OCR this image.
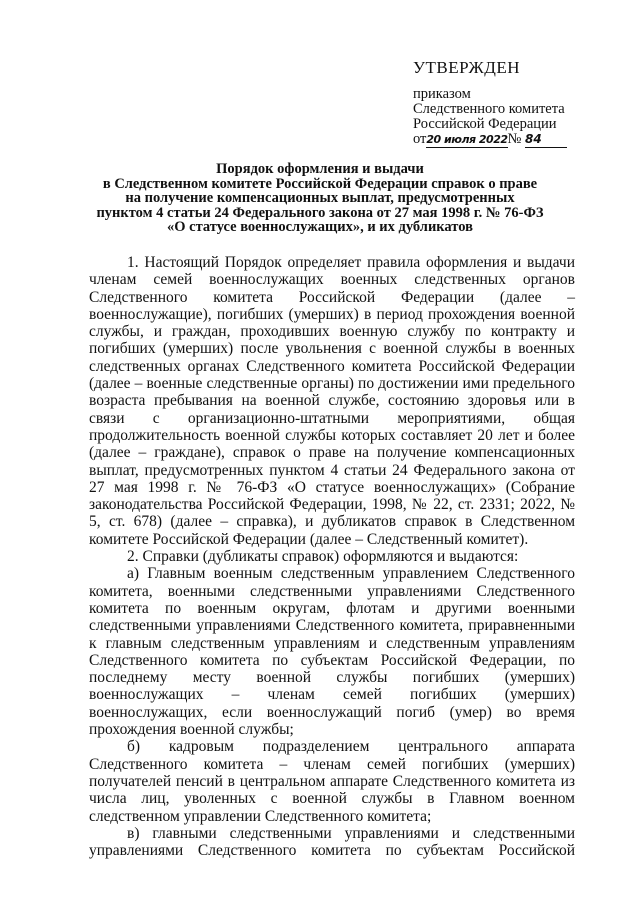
УТВЕРЖДЕН
приказом
Следственного комитета
Российской Федерации
от20 июля 2022№ 84
Порядок оформления и выдачи
в Следственном комитете Российской Федерации справок о праве
на получение компенсационных выплат, предусмотренных
пунктом 4 статьи 24 Федерального закона от 27 мая 1998 г. № 76-ФЗ
«О статусе военнослужащих», и их дубликатов

1. Настоящий Порядок определяет правила оформления и выдачи членам семей военнослужащих военных следственных органов Следственного комитета Российской Федерации (далее – военнослужащие), погибших (умерших) в период прохождения военной службы, и граждан, проходивших военную службу по контракту и погибших (умерших) после увольнения с военной службы в военных следственных органах Следственного комитета Российской Федерации (далее – военные следственные органы) по достижении ими предельного возраста пребывания на военной службе, состоянию здоровья или в связи с организационно-штатными мероприятиями, общая продолжительность военной службы которых составляет 20 лет и более (далее – граждане), справок о праве на получение компенсационных выплат, предусмотренных пунктом 4 статьи 24 Федерального закона от 27 мая 1998 г. № 76-ФЗ «О статусе военнослужащих» (Собрание законодательства Российской Федерации, 1998, № 22, ст. 2331; 2022, № 5, ст. 678) (далее – справка), и дубликатов справок в Следственном комитете Российской Федерации (далее – Следственный комитет).

2. Справки (дубликаты справок) оформляются и выдаются:

а) Главным военным следственным управлением Следственного комитета, военными следственными управлениями Следственного комитета по военным округам, флотам и другими военными следственными управлениями Следственного комитета, приравненными к главным следственным управлениям и следственным управлениям Следственного комитета по субъектам Российской Федерации, по последнему месту военной службы погибших (умерших) военнослужащих – членам семей погибших (умерших) военнослужащих, если военнослужащий погиб (умер) во время прохождения военной службы;

б) кадровым подразделением центрального аппарата Следственного комитета – членам семей погибших (умерших) получателей пенсий в центральном аппарате Следственного комитета из числа лиц, уволенных с военной службы в Главном военном следственном управлении Следственного комитета;

в) главными следственными управлениями и следственными управлениями Следственного комитета по субъектам Российской
